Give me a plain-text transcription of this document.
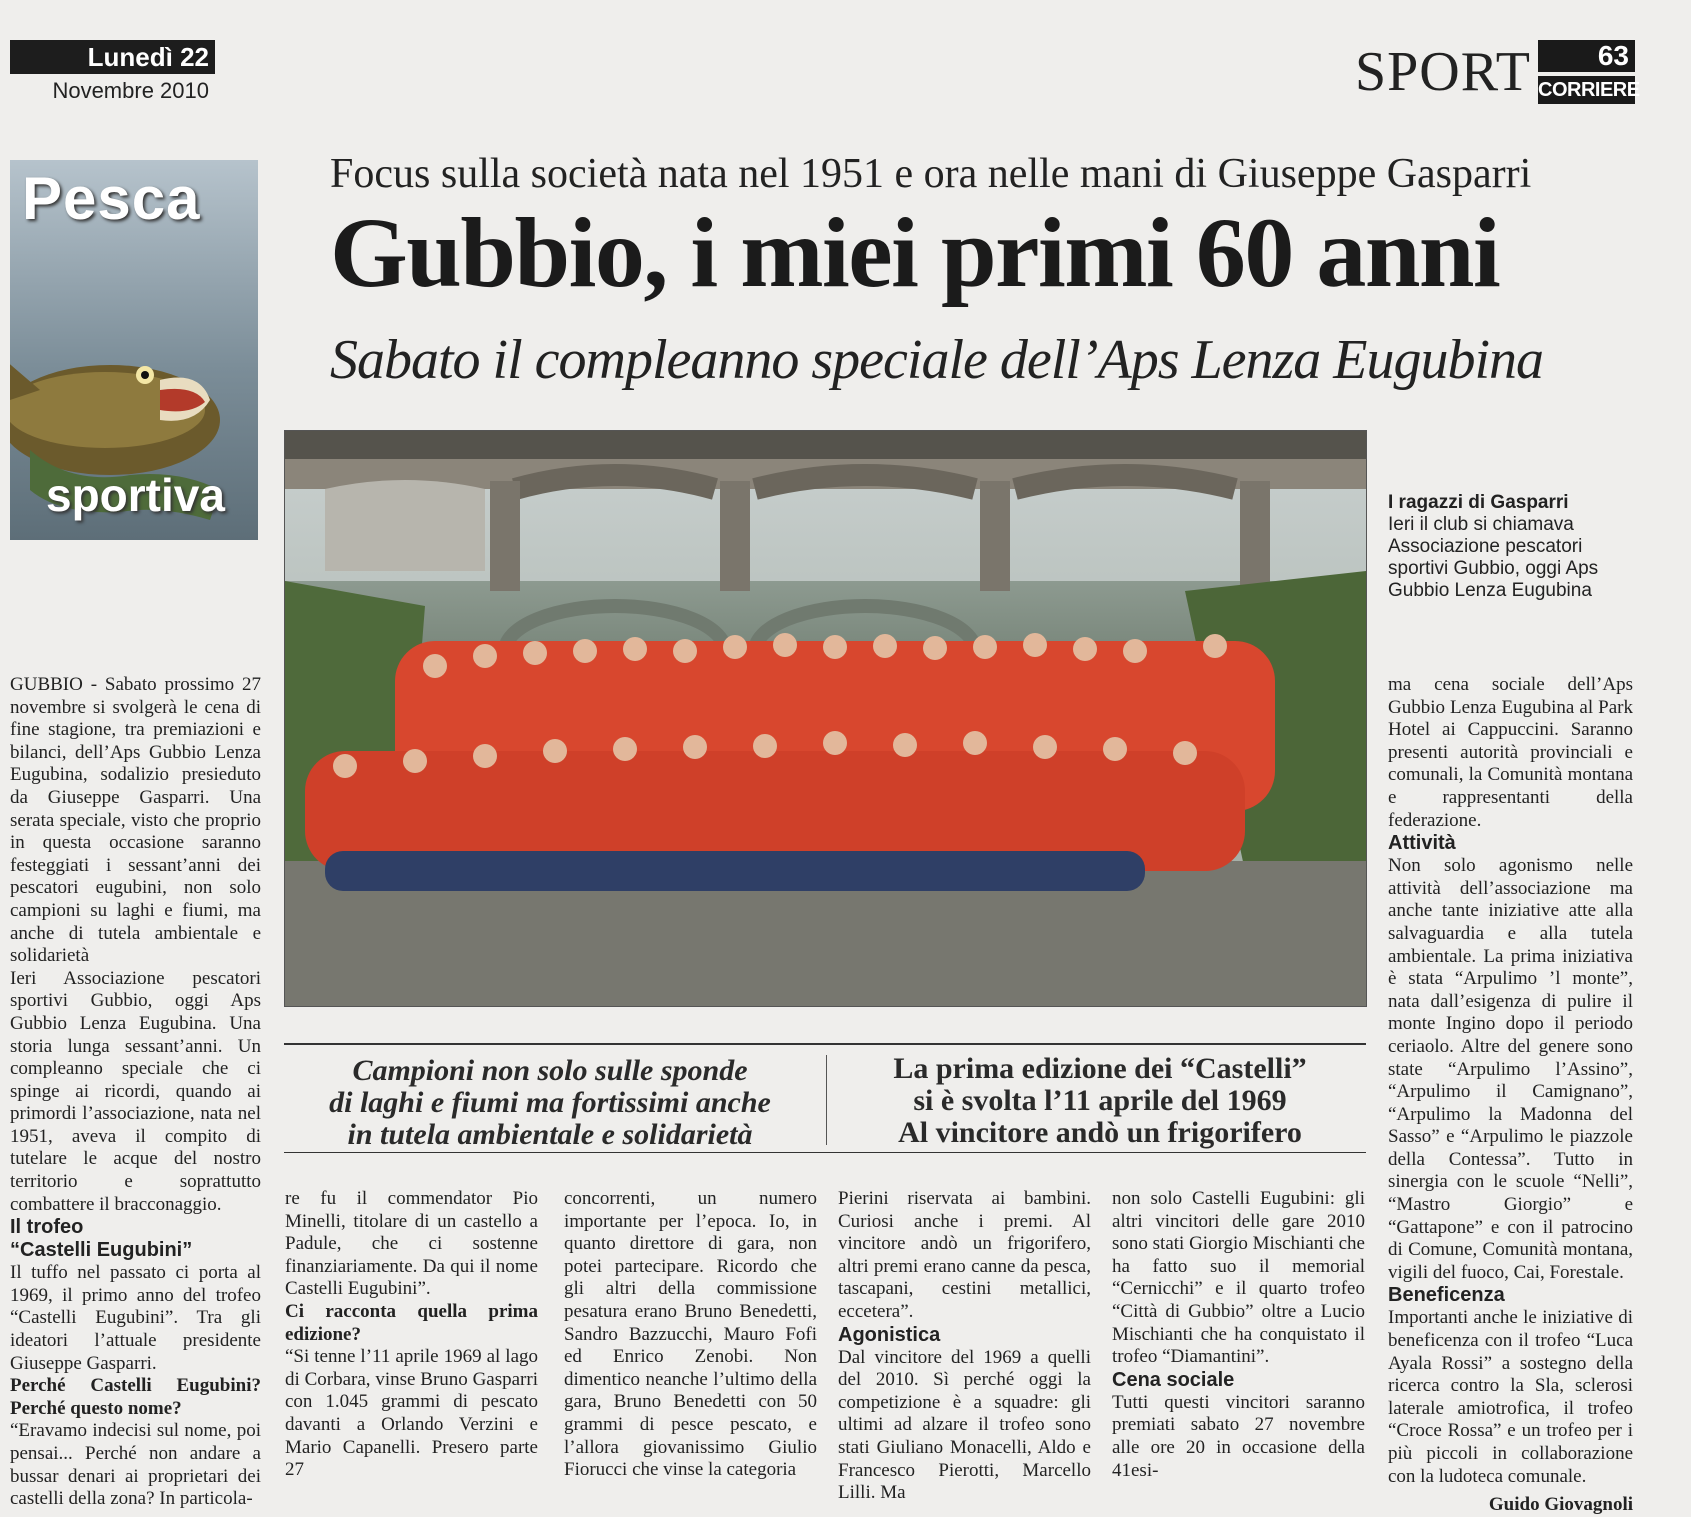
Lunedì 22
Novembre 2010	SPORT	63
CORRIERE
Pesca
sportiva
Focus sulla società nata nel 1951 e ora nelle mani di Giuseppe Gasparri
Gubbio, i miei primi 60 anni
Sabato il compleanno speciale dell’Aps Lenza Eugubina
I ragazzi di Gasparri
Ieri il club si chiamava Associazione pescatori sportivi Gubbio, oggi Aps Gubbio Lenza Eugubina
Campioni non solo sulle sponde
di laghi e fiumi ma fortissimi anche
in tutela ambientale e solidarietà
La prima edizione dei “Castelli”
si è svolta l’11 aprile del 1969
Al vincitore andò un frigorifero

GUBBIO - Sabato prossimo 27 novembre si svolgerà le cena di fine stagione, tra premiazioni e bilanci, dell’Aps Gubbio Lenza Eugubina, sodalizio presieduto da Giuseppe Gasparri. Una serata speciale, visto che proprio in questa occasione saranno festeggiati i sessant’anni dei pescatori eugubini, non solo campioni su laghi e fiumi, ma anche di tutela ambientale e solidarietà

Ieri Associazione pescatori sportivi Gubbio, oggi Aps Gubbio Lenza Eugubina. Una storia lunga sessant’anni. Un compleanno speciale che ci spinge ai ricordi, quando ai primordi l’associazione, nata nel 1951, aveva il compito di tutelare le acque del nostro territorio e soprattutto combattere il bracconaggio.

Il trofeo
“Castelli Eugubini”

Il tuffo nel passato ci porta al 1969, il primo anno del trofeo “Castelli Eugubini”. Tra gli ideatori l’attuale presidente Giuseppe Gasparri.

Perché Castelli Eugubini? Perché questo nome?

“Eravamo indecisi sul nome, poi pensai... Perché non andare a bussar denari ai proprietari dei castelli della zona? In particola-

re fu il commendator Pio Minelli, titolare di un castello a Padule, che ci sostenne finanziariamente. Da qui il nome Castelli Eugubini”.

Ci racconta quella prima edizione?

“Si tenne l’11 aprile 1969 al lago di Corbara, vinse Bruno Gasparri con 1.045 grammi di pescato davanti a Orlando Verzini e Mario Capanelli. Presero parte 27

concorrenti, un numero importante per l’epoca. Io, in quanto direttore di gara, non potei partecipare. Ricordo che gli altri della commissione pesatura erano Bruno Benedetti, Sandro Bazzucchi, Mauro Fofi ed Enrico Zenobi. Non dimentico neanche l’ultimo della gara, Bruno Benedetti con 50 grammi di pesce pescato, e l’allora giovanissimo Giulio Fiorucci che vinse la categoria

Pierini riservata ai bambini. Curiosi anche i premi. Al vincitore andò un frigorifero, altri premi erano canne da pesca, tascapani, cestini metallici, eccetera”.

Agonistica

Dal vincitore del 1969 a quelli del 2010. Sì perché oggi la competizione è a squadre: gli ultimi ad alzare il trofeo sono stati Giuliano Monacelli, Aldo e Francesco Pierotti, Marcello Lilli. Ma

non solo Castelli Eugubini: gli altri vincitori delle gare 2010 sono stati Giorgio Mischianti che ha fatto suo il memorial “Cernicchi” e il quarto trofeo “Città di Gubbio” oltre a Lucio Mischianti che ha conquistato il trofeo “Diamantini”.

Cena sociale

Tutti questi vincitori saranno premiati sabato 27 novembre alle ore 20 in occasione della 41esi-

ma cena sociale dell’Aps Gubbio Lenza Eugubina al Park Hotel ai Cappuccini. Saranno presenti autorità provinciali e comunali, la Comunità montana e rappresentanti della federazione.

Attività

Non solo agonismo nelle attività dell’associazione ma anche tante iniziative atte alla salvaguardia e alla tutela ambientale. La prima iniziativa è stata “Arpulimo ’l monte”, nata dall’esigenza di pulire il monte Ingino dopo il periodo ceriaolo. Altre del genere sono state “Arpulimo l’Assino”, “Arpulimo il Camignano”, “Arpulimo la Madonna del Sasso” e “Arpulimo le piazzole della Contessa”. Tutto in sinergia con le scuole “Nelli”, “Mastro Giorgio” e “Gattapone” e con il patrocino di Comune, Comunità montana, vigili del fuoco, Cai, Forestale.

Beneficenza

Importanti anche le iniziative di beneficenza con il trofeo “Luca Ayala Rossi” a sostegno della ricerca contro la Sla, sclerosi laterale amiotrofica, il trofeo “Croce Rossa” e un trofeo per i più piccoli in collaborazione con la ludoteca comunale.

Guido Giovagnoli
